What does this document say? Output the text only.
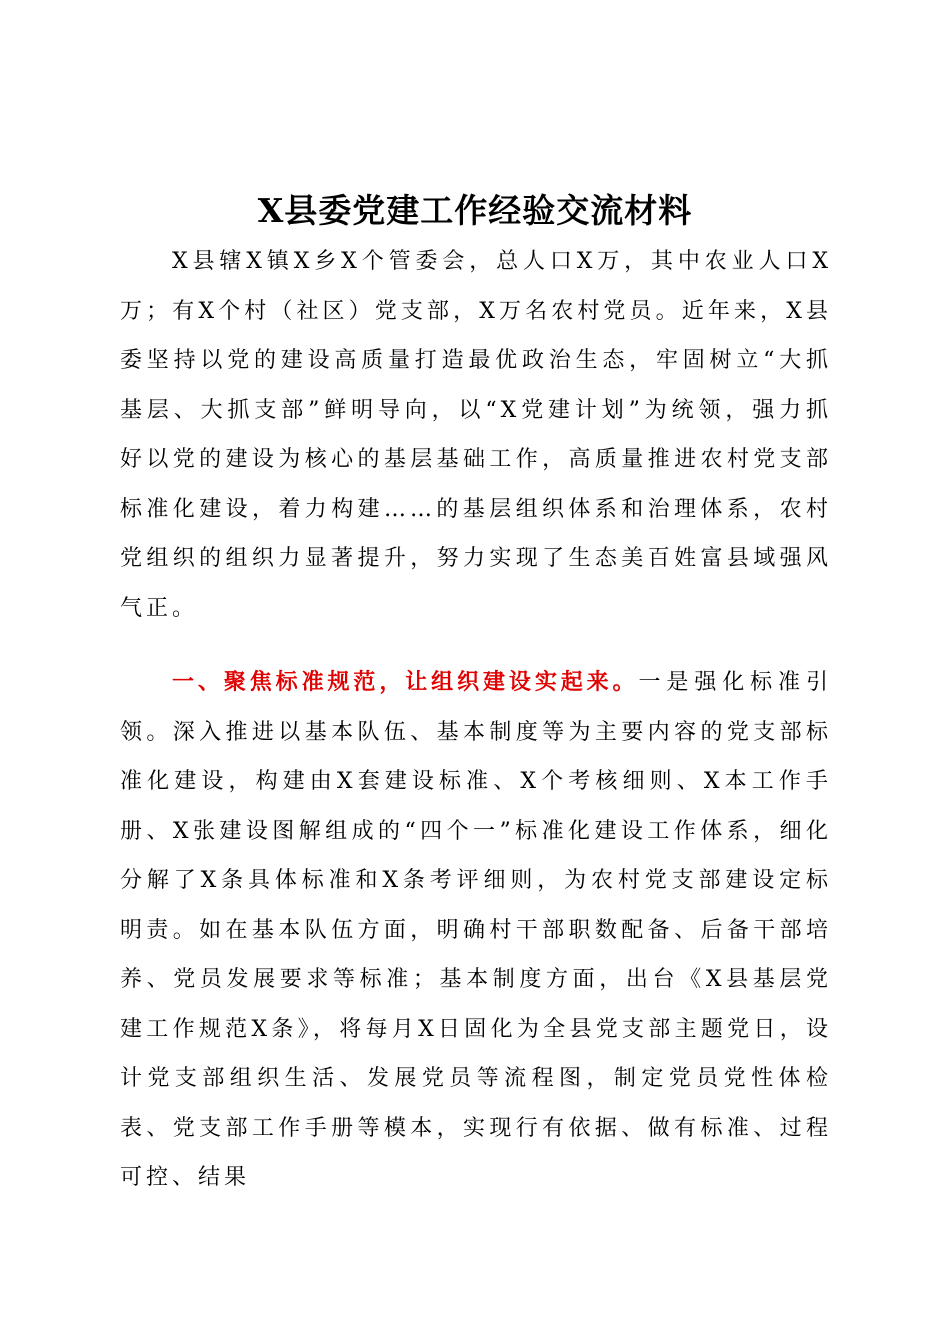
X县委党建工作经验交流材料

X县辖X镇X乡X个管委会，总人口X万，其中农业人口X万；有X个村（社区）党支部，X万名农村党员。近年来，X县委坚持以党的建设高质量打造最优政治生态，牢固树立“大抓基层、大抓支部”鲜明导向，以“X党建计划”为统领，强力抓好以党的建设为核心的基层基础工作，高质量推进农村党支部标准化建设，着力构建……的基层组织体系和治理体系，农村党组织的组织力显著提升，努力实现了生态美百姓富县域强风气正。

一、聚焦标准规范，让组织建设实起来。一是强化标准引领。深入推进以基本队伍、基本制度等为主要内容的党支部标准化建设，构建由X套建设标准、X个考核细则、X本工作手册、X张建设图解组成的“四个一”标准化建设工作体系，细化分解了X条具体标准和X条考评细则，为农村党支部建设定标明责。如在基本队伍方面，明确村干部职数配备、后备干部培养、党员发展要求等标准；基本制度方面，出台《X县基层党建工作规范X条》，将每月X日固化为全县党支部主题党日，设计党支部组织生活、发展党员等流程图，制定党员党性体检表、党支部工作手册等模本，实现行有依据、做有标准、过程可控、结果
